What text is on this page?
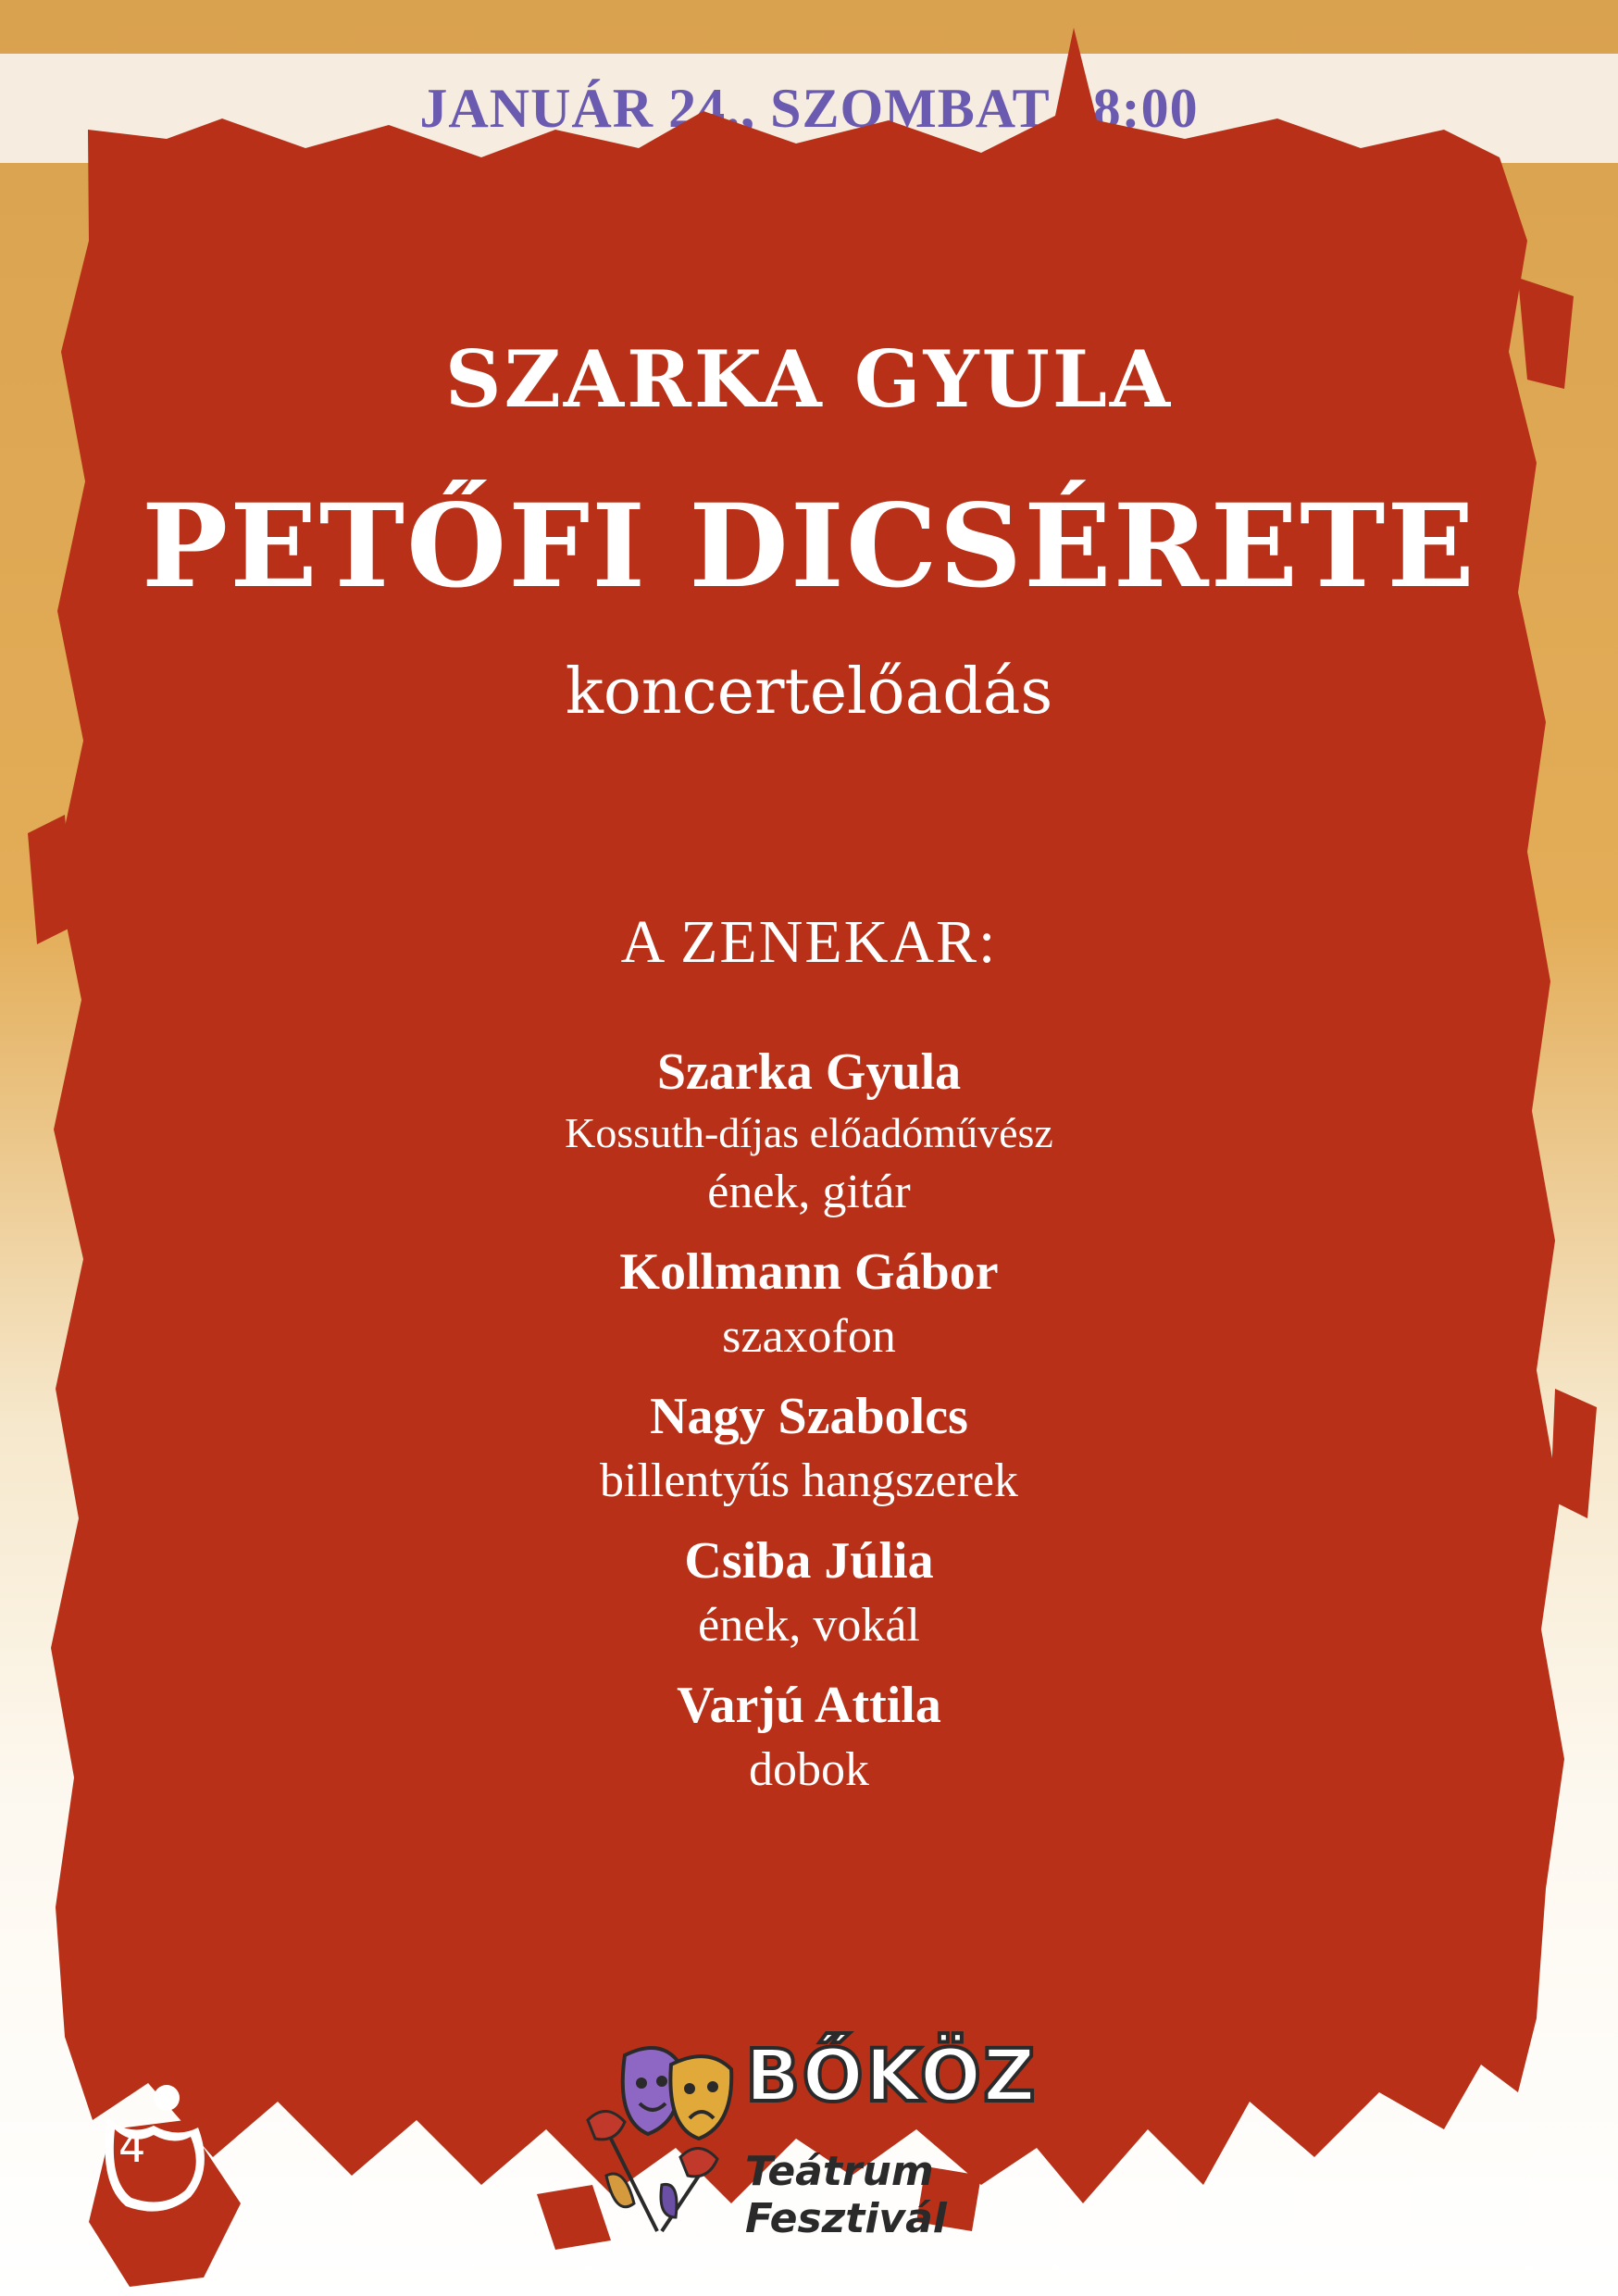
JANUÁR 24., SZOMBAT 18:00
SZARKA GYULA
PETŐFI DICSÉRETE
koncertelőadás
A ZENEKAR:
Szarka Gyula
Kossuth-díjas előadóművész
ének, gitár
Kollmann Gábor
szaxofon
Nagy Szabolcs
billentyűs hangszerek
Csiba Júlia
ének, vokál
Varjú Attila
dobok
4
BŐKÖZ
Teátrum Fesztivál
